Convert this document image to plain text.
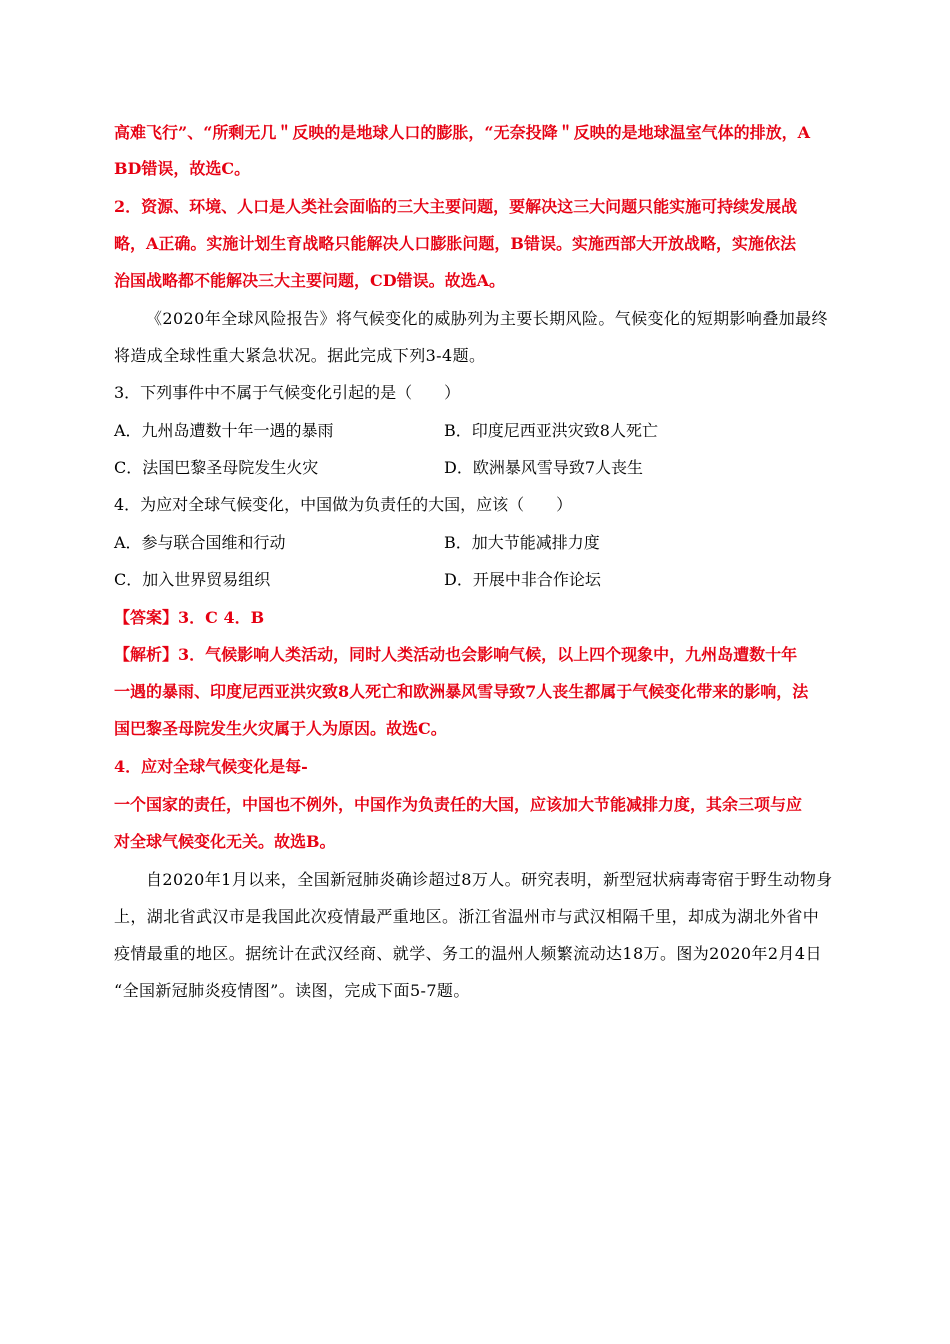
高难飞行”、“所剩无几＂反映的是地球人口的膨胀，“无奈投降＂反映的是地球温室气体的排放，A
BD错误，故选C。
2．资源、环境、人口是人类社会面临的三大主要问题，要解决这三大问题只能实施可持续发展战
略，A正确。实施计划生育战略只能解决人口膨胀问题，B错误。实施西部大开放战略，实施依法
治国战略都不能解决三大主要问题，CD错误。故选A。
《2020年全球风险报告》将气候变化的威胁列为主要长期风险。气候变化的短期影响叠加最终
将造成全球性重大紧急状况。据此完成下列3-4题。
3．下列事件中不属于气候变化引起的是（　　）
A．九州岛遭数十年一遇的暴雨	B．印度尼西亚洪灾致8人死亡
C．法国巴黎圣母院发生火灾	D．欧洲暴风雪导致7人丧生
4．为应对全球气候变化，中国做为负责任的大国，应该（　　）
A．参与联合国维和行动	B．加大节能减排力度
C．加入世界贸易组织	D．开展中非合作论坛
【答案】3．C 4．B
【解析】3．气候影响人类活动，同时人类活动也会影响气候，以上四个现象中，九州岛遭数十年
一遇的暴雨、印度尼西亚洪灾致8人死亡和欧洲暴风雪导致7人丧生都属于气候变化带来的影响，法
国巴黎圣母院发生火灾属于人为原因。故选C。
4．应对全球气候变化是每-
一个国家的责任，中国也不例外，中国作为负责任的大国，应该加大节能减排力度，其余三项与应
对全球气候变化无关。故选B。
自2020年1月以来，全国新冠肺炎确诊超过8万人。研究表明，新型冠状病毒寄宿于野生动物身
上，湖北省武汉市是我国此次疫情最严重地区。浙江省温州市与武汉相隔千里，却成为湖北外省中
疫情最重的地区。据统计在武汉经商、就学、务工的温州人频繁流动达18万。图为2020年2月4日
“全国新冠肺炎疫情图”。读图，完成下面5-7题。
